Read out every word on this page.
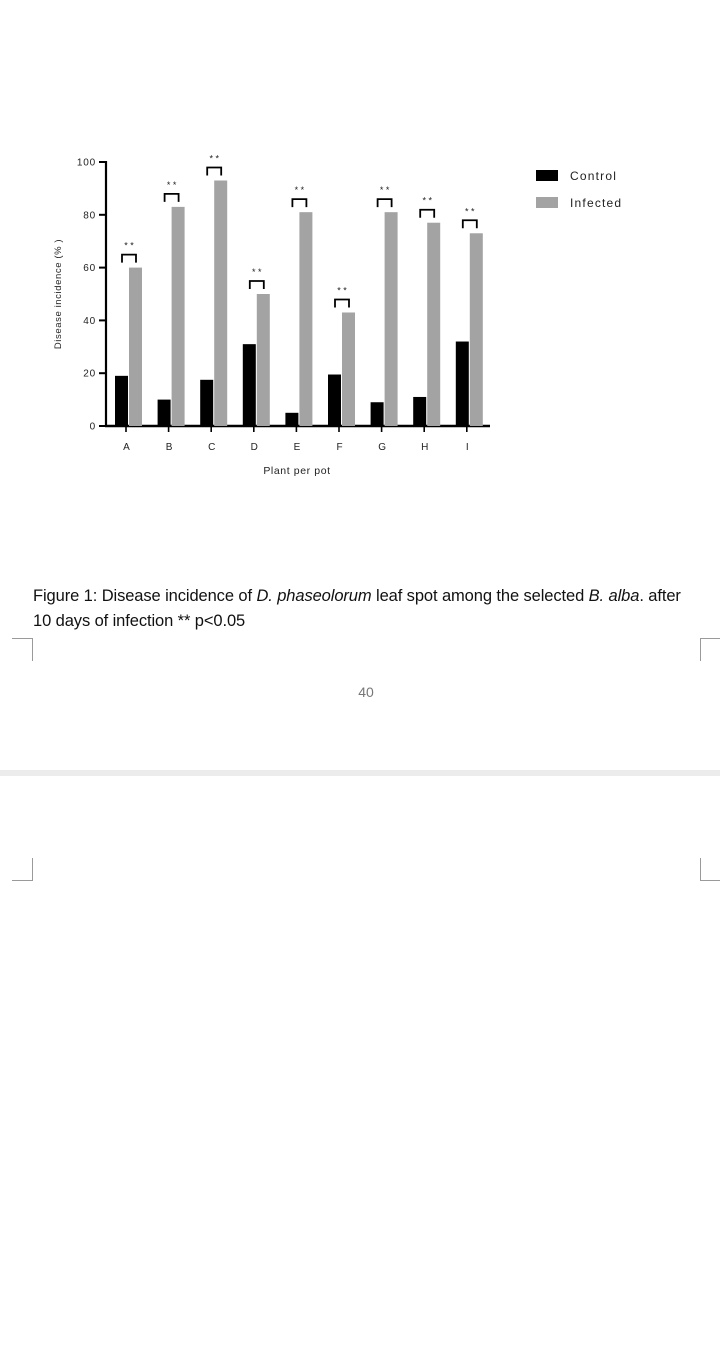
0
20
40
60
80
100
A
* *
B
* *
C
* *
D
* *
E
* *
F
* *
G
* *
H
* *
I
* *
Control
Infected
Disease incidence (% )
Plant per pot
Figure 1: Disease incidence of D. phaseolorum leaf spot among the selected B. alba. after 10 days of infection ** p<0.05
40
